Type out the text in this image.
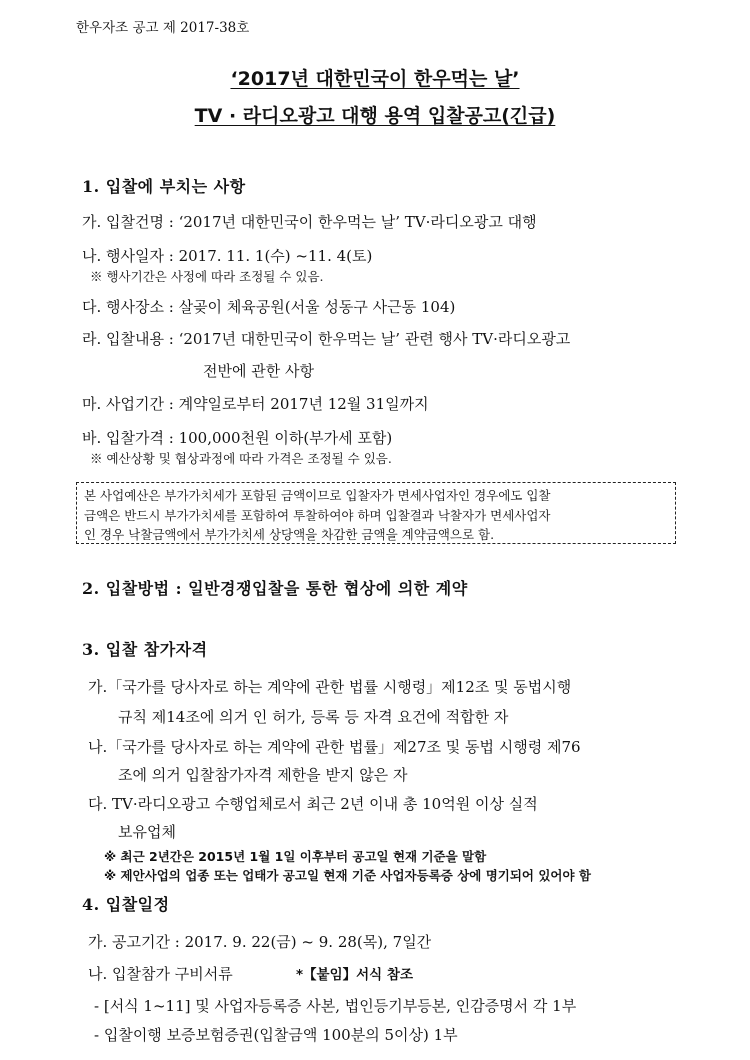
한우자조 공고 제 2017-38호
‘2017년 대한민국이 한우먹는 날’
TV · 라디오광고 대행 용역 입찰공고(긴급)
1. 입찰에 부치는 사항
가. 입찰건명 : ‘2017년 대한민국이 한우먹는 날’ TV·라디오광고 대행
나. 행사일자 : 2017. 11. 1(수) ~11. 4(토)
※ 행사기간은 사정에 따라 조정될 수 있음.
다. 행사장소 : 살곶이 체육공원(서울 성동구 사근동 104)
라. 입찰내용 : ‘2017년 대한민국이 한우먹는 날’ 관련 행사 TV·라디오광고
전반에 관한 사항
마. 사업기간 : 계약일로부터 2017년 12월 31일까지
바. 입찰가격 : 100,000천원 이하(부가세 포함)
※ 예산상황 및 협상과정에 따라 가격은 조정될 수 있음.
본 사업예산은 부가가치세가 포함된 금액이므로 입찰자가 면세사업자인 경우에도 입찰
금액은 반드시 부가가치세를 포함하여 투찰하여야 하며 입찰결과 낙찰자가 면세사업자
인 경우 낙찰금액에서 부가가치세 상당액을 차감한 금액을 계약금액으로 함.
2. 입찰방법 : 일반경쟁입찰을 통한 협상에 의한 계약
3. 입찰 참가자격
가.「국가를 당사자로 하는 계약에 관한 법률 시행령」제12조 및 동법시행
규칙 제14조에 의거 인 허가, 등록 등 자격 요건에 적합한 자
나.「국가를 당사자로 하는 계약에 관한 법률」제27조 및 동법 시행령 제76
조에 의거 입찰참가자격 제한을 받지 않은 자
다. TV·라디오광고 수행업체로서 최근 2년 이내 총 10억원 이상 실적
보유업체
※ 최근 2년간은 2015년 1월 1일 이후부터 공고일 현재 기준을 말함
※ 제안사업의 업종 또는 업태가 공고일 현재 기준 사업자등록증 상에 명기되어 있어야 함
4. 입찰일정
가. 공고기간 : 2017. 9. 22(금) ~ 9. 28(목), 7일간
나. 입찰참가 구비서류	*【붙임】서식 참조
- [서식 1~11] 및 사업자등록증 사본, 법인등기부등본, 인감증명서 각 1부
- 입찰이행 보증보험증권(입찰금액 100분의 5이상) 1부
